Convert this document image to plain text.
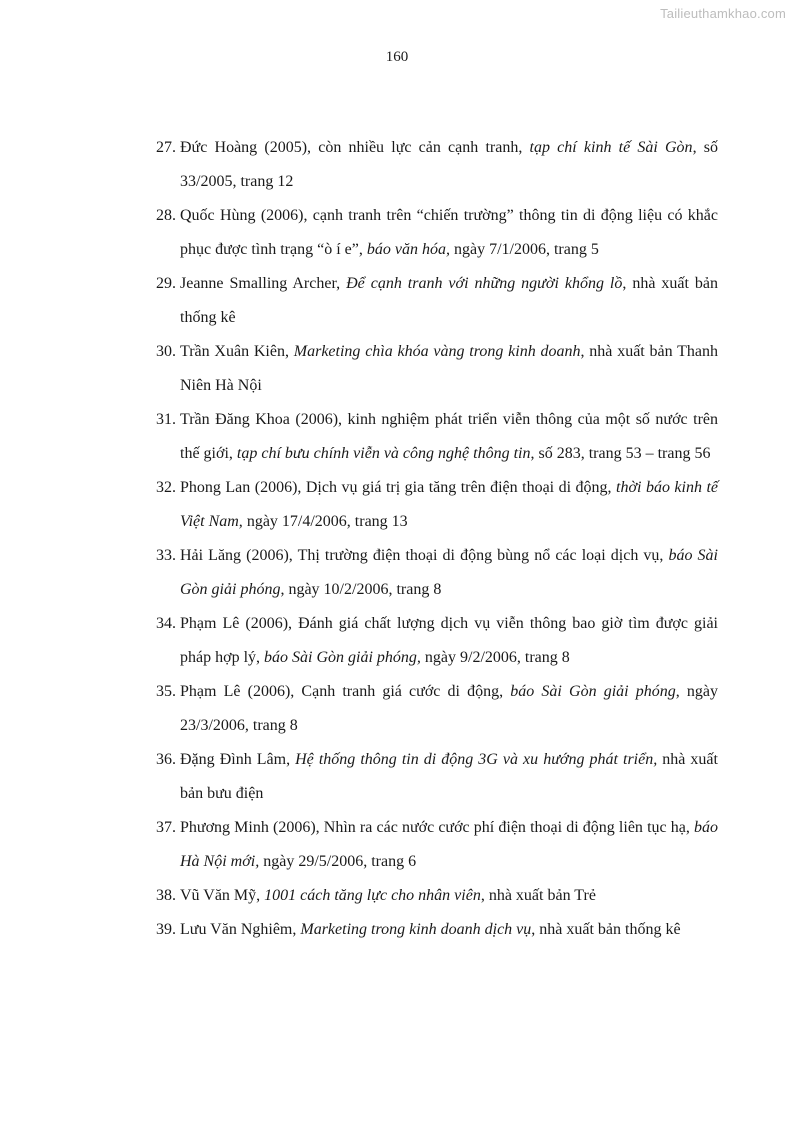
Tailieuthamkhao.com
160
27. Đức Hoàng (2005), còn nhiều lực cản cạnh tranh, tạp chí kinh tế Sài Gòn, số 33/2005, trang 12
28. Quốc Hùng (2006), cạnh tranh trên “chiến trường” thông tin di động liệu có khắc phục được tình trạng “ò í e”, báo văn hóa, ngày 7/1/2006, trang 5
29. Jeanne Smalling Archer, Để cạnh tranh với những người khổng lồ, nhà xuất bản thống kê
30. Trần Xuân Kiên, Marketing chìa khóa vàng trong kinh doanh, nhà xuất bản Thanh Niên Hà Nội
31. Trần Đăng Khoa (2006), kinh nghiệm phát triển viễn thông của một số nước trên thế giới, tạp chí bưu chính viễn và công nghệ thông tin, số 283, trang 53 – trang 56
32. Phong Lan (2006), Dịch vụ giá trị gia tăng trên điện thoại di động, thời báo kinh tế Việt Nam, ngày 17/4/2006, trang 13
33. Hải Lăng (2006), Thị trường điện thoại di động bùng nổ các loại dịch vụ, báo Sài Gòn giải phóng, ngày 10/2/2006, trang 8
34. Phạm Lê (2006), Đánh giá chất lượng dịch vụ viễn thông bao giờ tìm được giải pháp hợp lý, báo Sài Gòn giải phóng, ngày 9/2/2006, trang 8
35. Phạm Lê (2006), Cạnh tranh giá cước di động, báo Sài Gòn giải phóng, ngày 23/3/2006, trang 8
36. Đặng Đình Lâm, Hệ thống thông tin di động 3G và xu hướng phát triển, nhà xuất bản bưu điện
37. Phương Minh (2006), Nhìn ra các nước cước phí điện thoại di động liên tục hạ, báo Hà Nội mới, ngày 29/5/2006, trang 6
38. Vũ Văn Mỹ, 1001 cách tăng lực cho nhân viên, nhà xuất bản Trẻ
39. Lưu Văn Nghiêm, Marketing trong kinh doanh dịch vụ, nhà xuất bản thống kê
